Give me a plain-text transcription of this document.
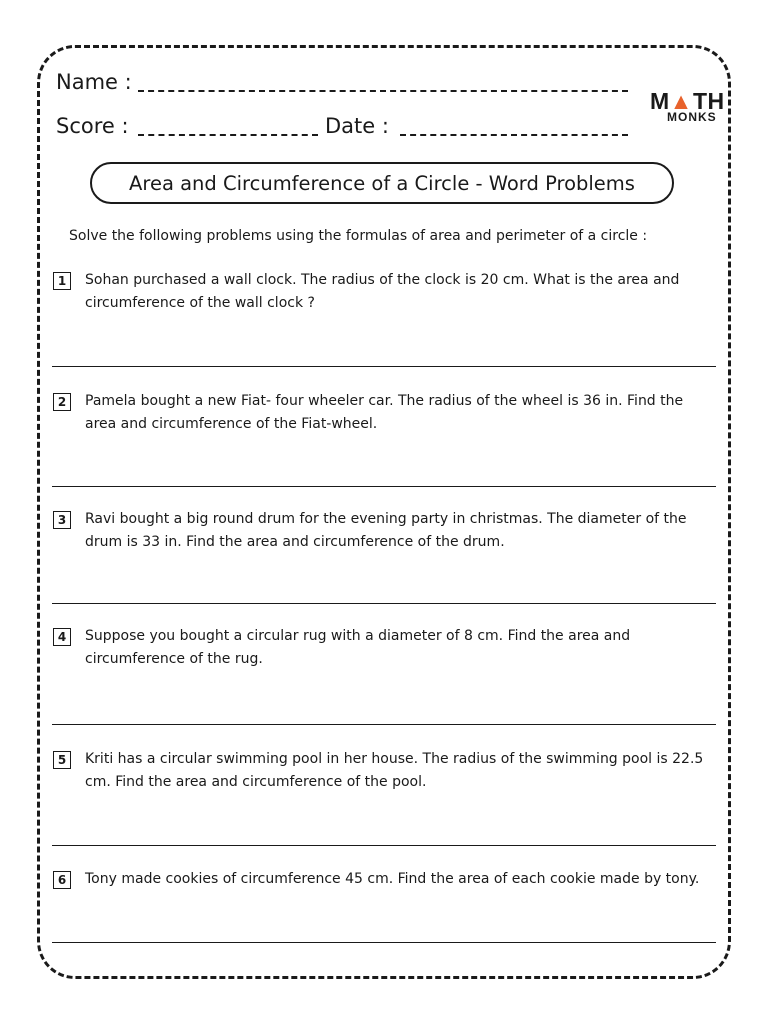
Name :
Score :	Date :
M▲TH
MONKS
Area and Circumference of a Circle - Word Problems
Solve the following problems using the formulas of area and perimeter of a circle :
1	Sohan purchased a wall clock. The radius of the clock is 20 cm. What is the area and circumference of the wall clock ?
2	Pamela bought a new Fiat- four wheeler car. The radius of the wheel is 36 in. Find the area and circumference of the Fiat-wheel.
3	Ravi bought a big round drum for the evening party in christmas. The diameter of the drum is 33 in. Find the area and circumference of the drum.
4	Suppose you bought a circular rug with a diameter of 8 cm. Find the area and circumference of the rug.
5	Kriti has a circular swimming pool in her house. The radius of the swimming pool is 22.5 cm. Find the area and circumference of the pool.
6	Tony made cookies of circumference 45 cm. Find the area of each cookie made by tony.
